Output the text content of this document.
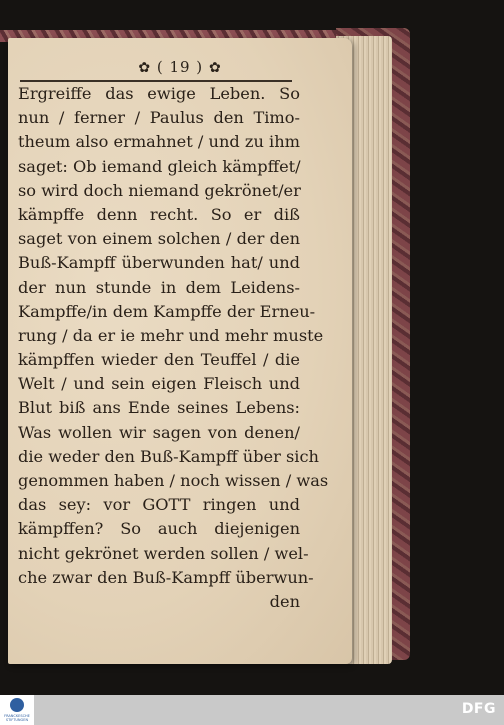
✿ ( 19 ) ✿
Ergreiffe das ewige Leben. So
nun / ferner / Paulus den Timo-
theum also ermahnet / und zu ihm
saget: Ob iemand gleich kämpffet/
so wird doch niemand gekrönet/er
kämpffe denn recht. So er diß
saget von einem solchen / der den
Buß-Kampff überwunden hat/ und
der nun stunde in dem Leidens-
Kampffe/in dem Kampffe der Erneu-
rung / da er ie mehr und mehr muste
kämpffen wieder den Teuffel / die
Welt / und sein eigen Fleisch und
Blut biß ans Ende seines Lebens:
Was wollen wir sagen von denen/
die weder den Buß-Kampff über sich
genommen haben / noch wissen / was
das sey: vor GOTT ringen und
kämpffen? So auch diejenigen
nicht gekrönet werden sollen / wel-
che zwar den Buß-Kampff überwun-
den
FRANCKESCHE STIFTUNGEN
DFG
